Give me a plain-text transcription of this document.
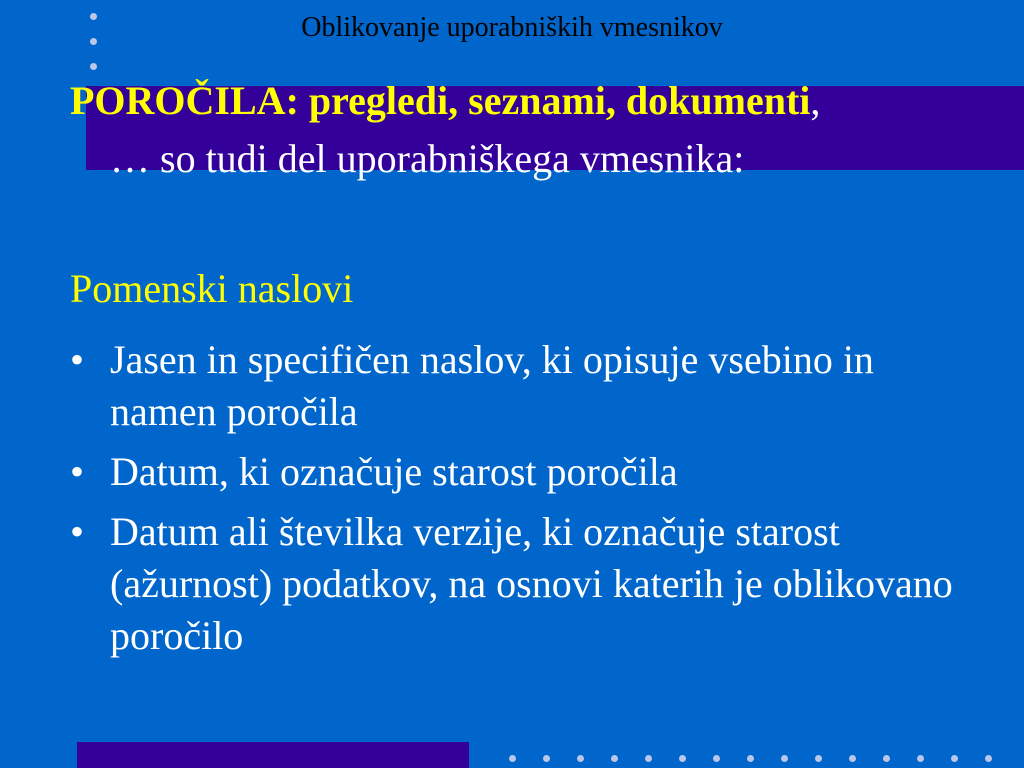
Oblikovanje uporabniških vmesnikov
POROČILA: pregledi, seznami, dokumenti,
… so tudi del uporabniškega vmesnika:
Pomenski naslovi
• Jasen in specifičen naslov, ki opisuje vsebino in namen poročila
• Datum, ki označuje starost poročila
• Datum ali številka verzije, ki označuje starost (ažurnost) podatkov, na osnovi katerih je oblikovano poročilo
